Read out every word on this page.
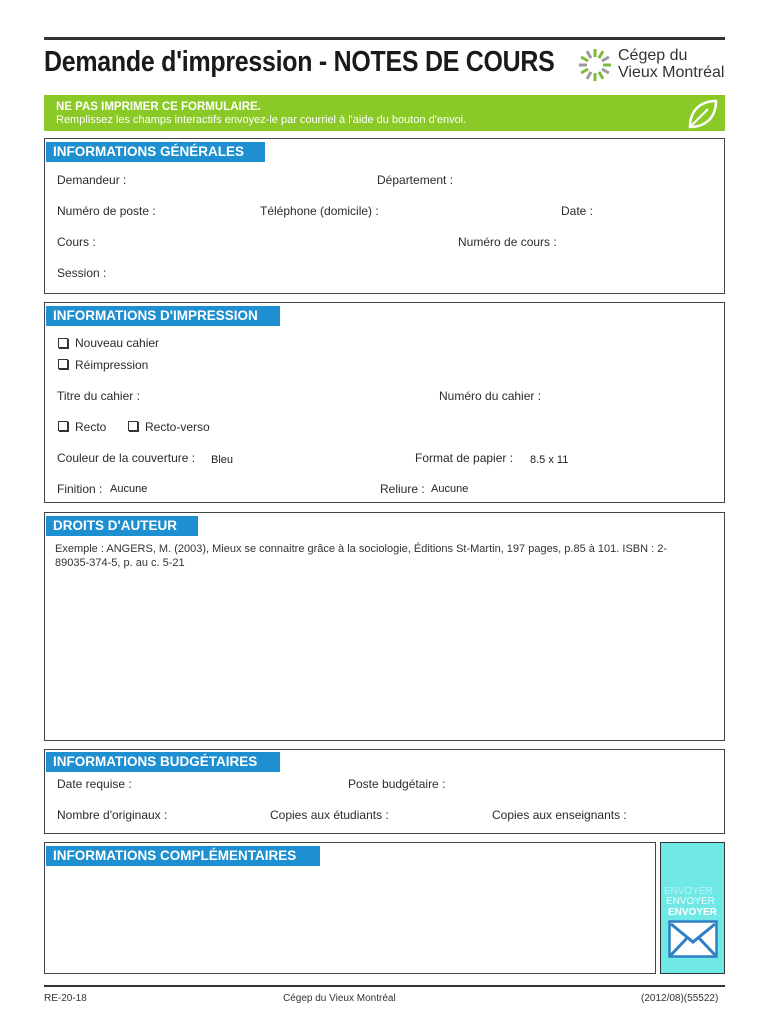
Demande d'impression - NOTES DE COURS	Cégep du
Vieux Montréal
NE PAS IMPRIMER CE FORMULAIRE.
Remplissez les champs interactifs envoyez-le par courriel à l'aide du bouton d'envoi.
INFORMATIONS GÉNÉRALES
Demandeur :	Département :
Numéro de poste :	Téléphone (domicile) :	Date :
Cours :	Numéro de cours :
Session :
INFORMATIONS D'IMPRESSION
Nouveau cahier
Réimpression
Titre du cahier :	Numéro du cahier :
Recto	Recto-verso
Couleur de la couverture : Bleu	Format de papier : 8.5 x 11
Finition : Aucune	Reliure : Aucune
DROITS D'AUTEUR
Exemple : ANGERS, M. (2003), Mieux se connaitre grâce à la sociologie, Éditions St-Martin, 197 pages, p.85 à 101. ISBN : 2-89035-374-5, p. au c. 5-21
INFORMATIONS BUDGÉTAIRES
Date requise :	Poste budgétaire :
Nombre d'originaux :	Copies aux étudiants :	Copies aux enseignants :
INFORMATIONS COMPLÉMENTAIRES
ENVOYER
ENVOYER
ENVOYER
RE-20-18	Cégep du Vieux Montréal	(2012/08)(55522)
